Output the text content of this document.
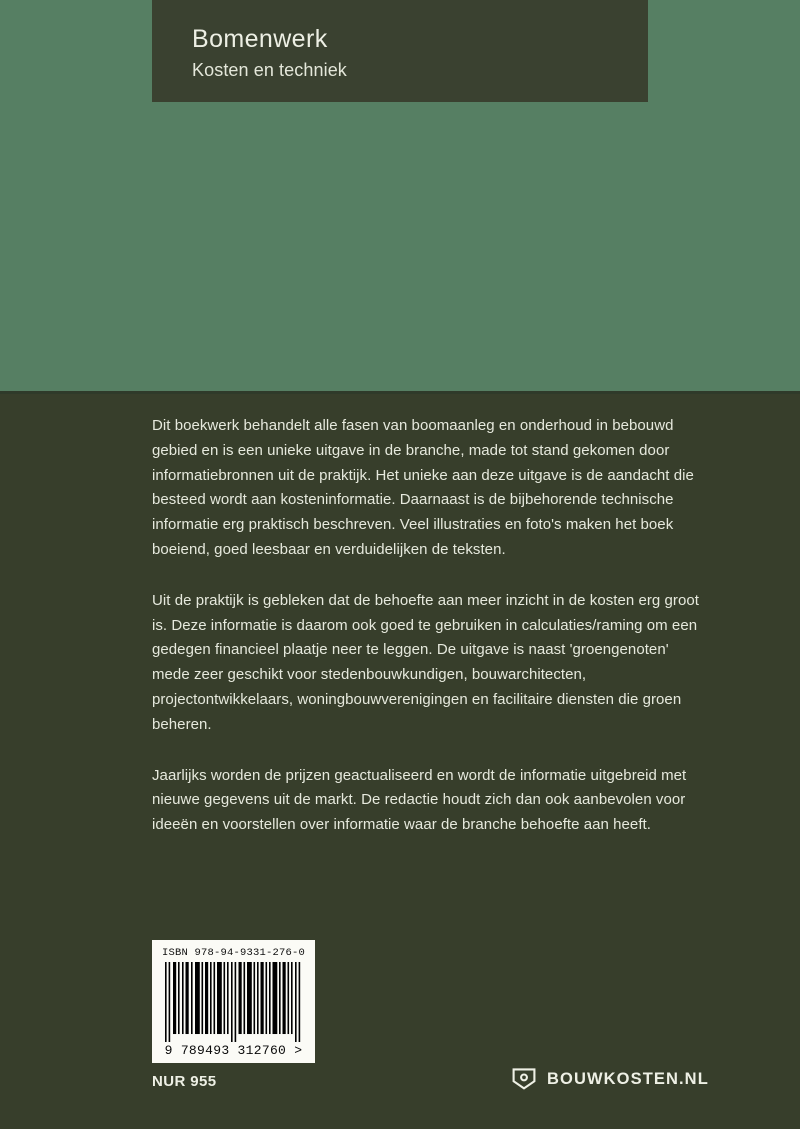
Bomenwerk
Kosten en techniek

Dit boekwerk behandelt alle fasen van boomaanleg en onderhoud in bebouwd gebied en is een unieke uitgave in de branche, made tot stand gekomen door informatiebronnen uit de praktijk. Het unieke aan deze uitgave is de aandacht die besteed wordt aan kosteninformatie. Daarnaast is de bijbehorende technische informatie erg praktisch beschreven. Veel illustraties en foto's maken het boek boeiend, goed leesbaar en verduidelijken de teksten.

Uit de praktijk is gebleken dat de behoefte aan meer inzicht in de kosten erg groot is. Deze informatie is daarom ook goed te gebruiken in calculaties/raming om een gedegen financieel plaatje neer te leggen. De uitgave is naast 'groengenoten' mede zeer geschikt voor stedenbouwkundigen, bouwarchitecten, projectontwikkelaars, woningbouwverenigingen en facilitaire diensten die groen beheren.

Jaarlijks worden de prijzen geactualiseerd en wordt de informatie uitgebreid met nieuwe gegevens uit de markt. De redactie houdt zich dan ook aanbevolen voor ideeën en voorstellen over informatie waar de branche behoefte aan heeft.

ISBN 978-94-9331-276-0
9 789493 312760 >
NUR 955	BOUWKOSTEN.NL
